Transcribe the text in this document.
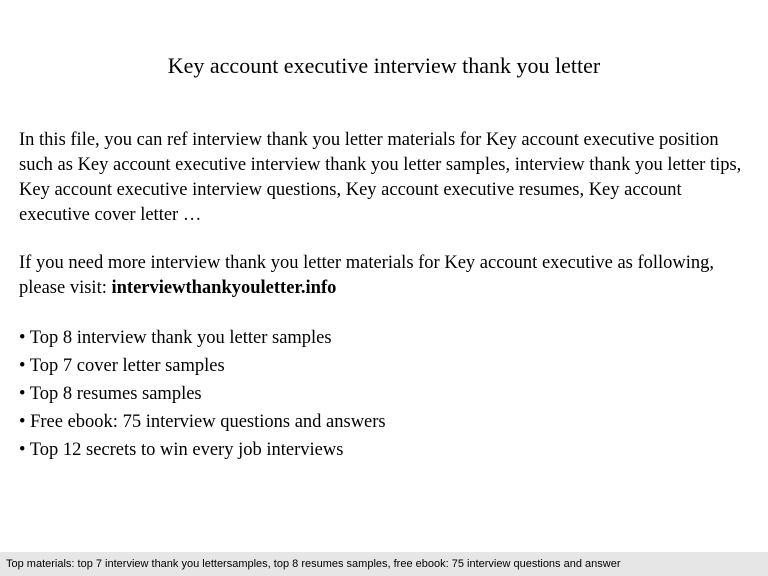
Key account executive interview thank you letter

In this file, you can ref interview thank you letter materials for Key account executive position such as Key account executive interview thank you letter samples, interview thank you letter tips, Key account executive interview questions, Key account executive resumes, Key account executive cover letter …

If you need more interview thank you letter materials for Key account executive as following, please visit: interviewthankyouletter.info

• Top 8 interview thank you letter samples
• Top 7 cover letter samples
• Top 8 resumes samples
• Free ebook: 75 interview questions and answers
• Top 12 secrets to win every job interviews
Top materials: top 7 interview thank you lettersamples, top 8 resumes samples, free ebook: 75 interview questions and answer
